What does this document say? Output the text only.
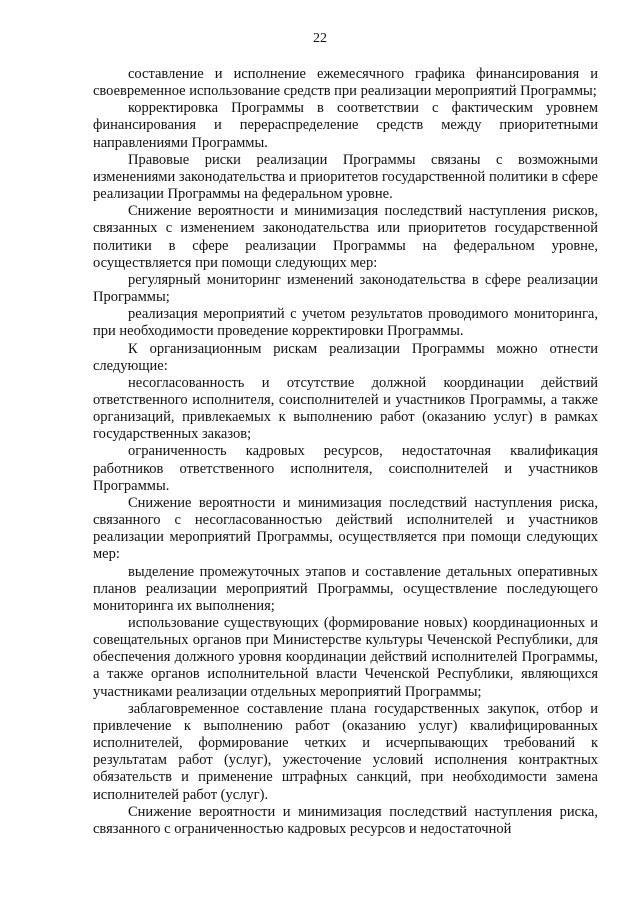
22

составление и исполнение ежемесячного графика финансирования и своевременное использование средств при реализации мероприятий Программы;

корректировка Программы в соответствии с фактическим уровнем финансирования и перераспределение средств между приоритетными направлениями Программы.

Правовые риски реализации Программы связаны с возможными изменениями законодательства и приоритетов государственной политики в сфере реализации Программы на федеральном уровне.

Снижение вероятности и минимизация последствий наступления рисков, связанных с изменением законодательства или приоритетов государственной политики в сфере реализации Программы на федеральном уровне, осуществляется при помощи следующих мер:

регулярный мониторинг изменений законодательства в сфере реализации Программы;

реализация мероприятий с учетом результатов проводимого мониторинга, при необходимости проведение корректировки Программы.

К организационным рискам реализации Программы можно отнести следующие:

несогласованность и отсутствие должной координации действий ответственного исполнителя, соисполнителей и участников Программы, а также организаций, привлекаемых к выполнению работ (оказанию услуг) в рамках государственных заказов;

ограниченность кадровых ресурсов, недостаточная квалификация работников ответственного исполнителя, соисполнителей и участников Программы.

Снижение вероятности и минимизация последствий наступления риска, связанного с несогласованностью действий исполнителей и участников реализации мероприятий Программы, осуществляется при помощи следующих мер:

выделение промежуточных этапов и составление детальных оперативных планов реализации мероприятий Программы, осуществление последующего мониторинга их выполнения;

использование существующих (формирование новых) координационных и совещательных органов при Министерстве культуры Чеченской Республики, для обеспечения должного уровня координации действий исполнителей Программы, а также органов исполнительной власти Чеченской Республики, являющихся участниками реализации отдельных мероприятий Программы;

заблаговременное составление плана государственных закупок, отбор и привлечение к выполнению работ (оказанию услуг) квалифицированных исполнителей, формирование четких и исчерпывающих требований к результатам работ (услуг), ужесточение условий исполнения контрактных обязательств и применение штрафных санкций, при необходимости замена исполнителей работ (услуг).

Снижение вероятности и минимизация последствий наступления риска, связанного с ограниченностью кадровых ресурсов и недостаточной
